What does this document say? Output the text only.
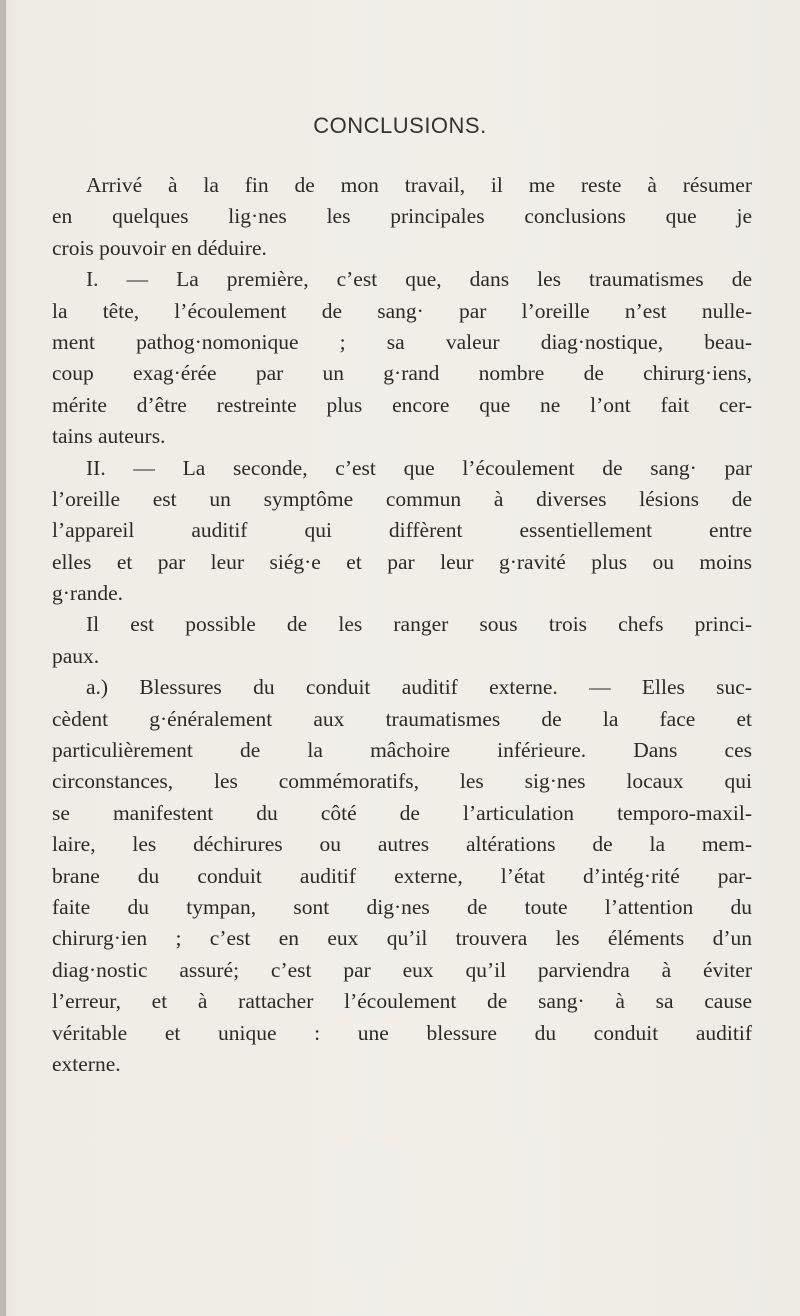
CONCLUSIONS.
Arrivé à la fin de mon travail, il me reste à résumer
en quelques lig·nes les principales conclusions que je
crois pouvoir en déduire.
I. — La première, c’est que, dans les traumatismes de
la tête, l’écoulement de sang· par l’oreille n’est nulle-
ment pathog·nomonique ; sa valeur diag·nostique, beau-
coup exag·érée par un g·rand nombre de chirurg·iens,
mérite d’être restreinte plus encore que ne l’ont fait cer-
tains auteurs.
II. — La seconde, c’est que l’écoulement de sang· par
l’oreille est un symptôme commun à diverses lésions de
l’appareil auditif qui diffèrent essentiellement entre
elles et par leur siég·e et par leur g·ravité plus ou moins
g·rande.
Il est possible de les ranger sous trois chefs princi-
paux.
a.) Blessures du conduit auditif externe. — Elles suc-
cèdent g·énéralement aux traumatismes de la face et
particulièrement de la mâchoire inférieure. Dans ces
circonstances, les commémoratifs, les sig·nes locaux qui
se manifestent du côté de l’articulation temporo-maxil-
laire, les déchirures ou autres altérations de la mem-
brane du conduit auditif externe, l’état d’intég·rité par-
faite du tympan, sont dig·nes de toute l’attention du
chirurg·ien ; c’est en eux qu’il trouvera les éléments d’un
diag·nostic assuré; c’est par eux qu’il parviendra à éviter
l’erreur, et à rattacher l’écoulement de sang· à sa cause
véritable et unique : une blessure du conduit auditif
externe.
